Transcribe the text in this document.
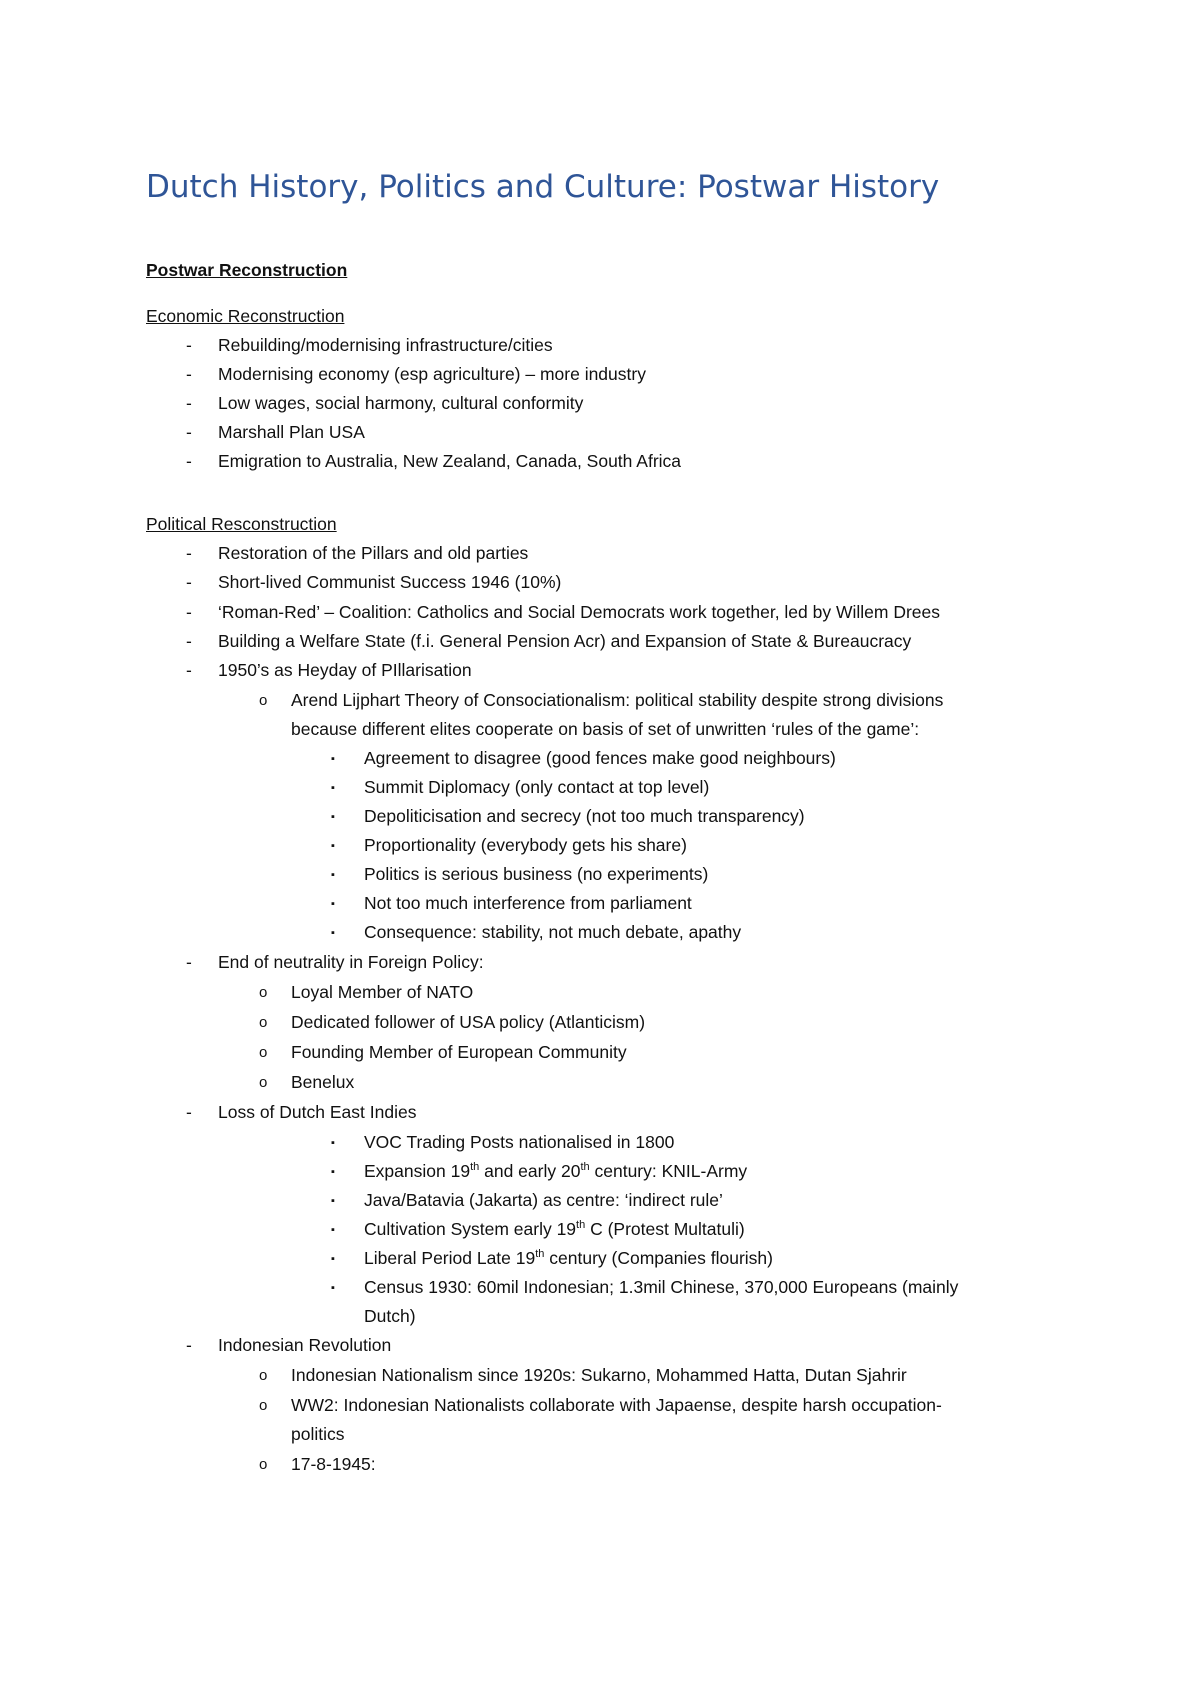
Dutch History, Politics and Culture: Postwar History
Postwar Reconstruction
Economic Reconstruction
- Rebuilding/modernising infrastructure/cities
- Modernising economy (esp agriculture) – more industry
- Low wages, social harmony, cultural conformity
- Marshall Plan USA
- Emigration to Australia, New Zealand, Canada, South Africa
Political Resconstruction
- Restoration of the Pillars and old parties
- Short-lived Communist Success 1946 (10%)
- ‘Roman-Red’ – Coalition: Catholics and Social Democrats work together, led by Willem Drees
- Building a Welfare State (f.i. General Pension Acr) and Expansion of State & Bureaucracy
- 1950’s as Heyday of PIllarisation
o Arend Lijphart Theory of Consociationalism: political stability despite strong divisions
because different elites cooperate on basis of set of unwritten ‘rules of the game’:
▪ Agreement to disagree (good fences make good neighbours)
▪ Summit Diplomacy (only contact at top level)
▪ Depoliticisation and secrecy (not too much transparency)
▪ Proportionality (everybody gets his share)
▪ Politics is serious business (no experiments)
▪ Not too much interference from parliament
▪ Consequence: stability, not much debate, apathy
- End of neutrality in Foreign Policy:
o Loyal Member of NATO
o Dedicated follower of USA policy (Atlanticism)
o Founding Member of European Community
o Benelux
- Loss of Dutch East Indies
▪ VOC Trading Posts nationalised in 1800
▪ Expansion 19th and early 20th century: KNIL-Army
▪ Java/Batavia (Jakarta) as centre: ‘indirect rule’
▪ Cultivation System early 19th C (Protest Multatuli)
▪ Liberal Period Late 19th century (Companies flourish)
▪ Census 1930: 60mil Indonesian; 1.3mil Chinese, 370,000 Europeans (mainly
Dutch)
- Indonesian Revolution
o Indonesian Nationalism since 1920s: Sukarno, Mohammed Hatta, Dutan Sjahrir
o WW2: Indonesian Nationalists collaborate with Japaense, despite harsh occupation-
politics
o 17-8-1945:
